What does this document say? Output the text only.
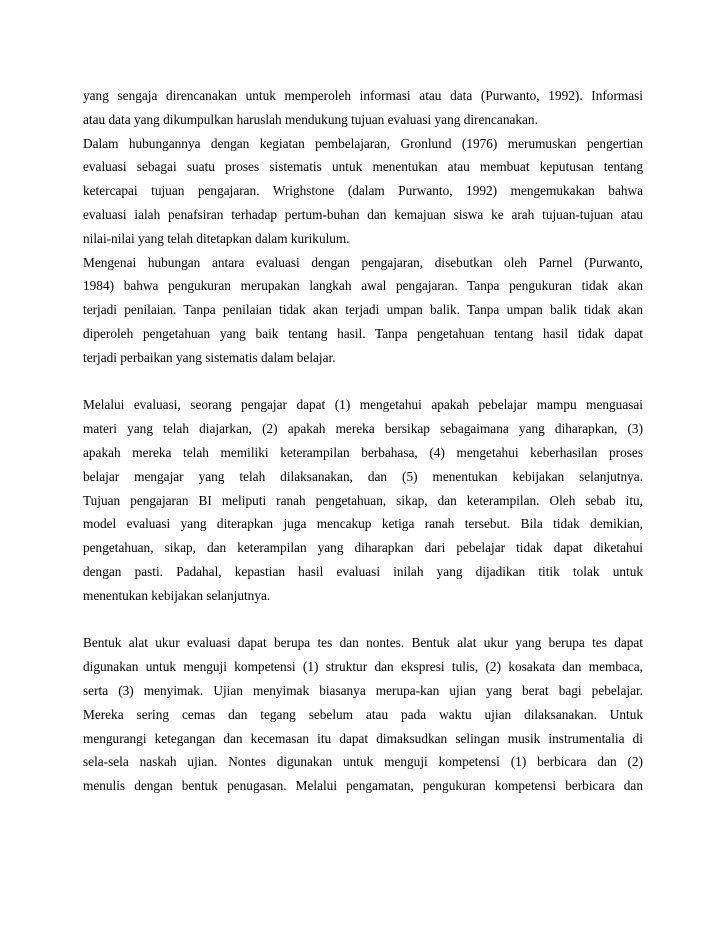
yang sengaja direncanakan untuk memperoleh informasi atau data (Purwanto, 1992). Informasi
atau data yang dikumpulkan haruslah mendukung tujuan evaluasi yang direncanakan.
Dalam hubungannya dengan kegiatan pembelajaran, Gronlund (1976) merumuskan pengertian
evaluasi sebagai suatu proses sistematis untuk menentukan atau membuat keputusan tentang
ketercapai tujuan pengajaran. Wrighstone (dalam Purwanto, 1992) mengemukakan bahwa
evaluasi ialah penafsiran terhadap pertum-buhan dan kemajuan siswa ke arah tujuan-tujuan atau
nilai-nilai yang telah ditetapkan dalam kurikulum.
Mengenai hubungan antara evaluasi dengan pengajaran, disebutkan oleh Parnel (Purwanto,
1984) bahwa pengukuran merupakan langkah awal pengajaran. Tanpa pengukuran tidak akan
terjadi penilaian. Tanpa penilaian tidak akan terjadi umpan balik. Tanpa umpan balik tidak akan
diperoleh pengetahuan yang baik tentang hasil. Tanpa pengetahuan tentang hasil tidak dapat
terjadi perbaikan yang sistematis dalam belajar.
Melalui evaluasi, seorang pengajar dapat (1) mengetahui apakah pebelajar mampu menguasai
materi yang telah diajarkan, (2) apakah mereka bersikap sebagaimana yang diharapkan, (3)
apakah mereka telah memiliki keterampilan berbahasa, (4) mengetahui keberhasilan proses
belajar mengajar yang telah dilaksanakan, dan (5) menentukan kebijakan selanjutnya.
Tujuan pengajaran BI meliputi ranah pengetahuan, sikap, dan keterampilan. Oleh sebab itu,
model evaluasi yang diterapkan juga mencakup ketiga ranah tersebut. Bila tidak demikian,
pengetahuan, sikap, dan keterampilan yang diharapkan dari pebelajar tidak dapat diketahui
dengan pasti. Padahal, kepastian hasil evaluasi inilah yang dijadikan titik tolak untuk
menentukan kebijakan selanjutnya.
Bentuk alat ukur evaluasi dapat berupa tes dan nontes. Bentuk alat ukur yang berupa tes dapat
digunakan untuk menguji kompetensi (1) struktur dan ekspresi tulis, (2) kosakata dan membaca,
serta (3) menyimak. Ujian menyimak biasanya merupa-kan ujian yang berat bagi pebelajar.
Mereka sering cemas dan tegang sebelum atau pada waktu ujian dilaksanakan. Untuk
mengurangi ketegangan dan kecemasan itu dapat dimaksudkan selingan musik instrumentalia di
sela-sela naskah ujian. Nontes digunakan untuk menguji kompetensi (1) berbicara dan (2)
menulis dengan bentuk penugasan. Melalui pengamatan, pengukuran kompetensi berbicara dan
